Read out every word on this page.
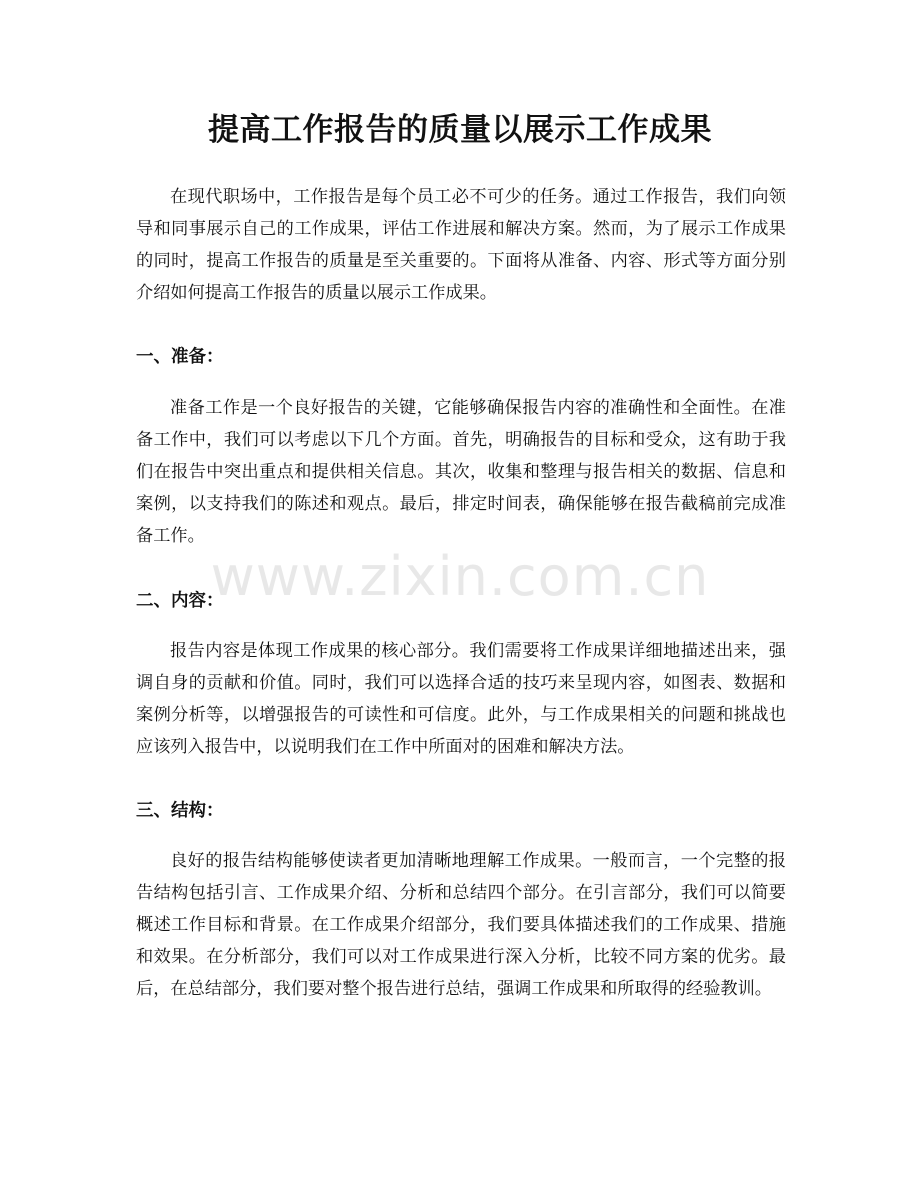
提高工作报告的质量以展示工作成果

在现代职场中，工作报告是每个员工必不可少的任务。通过工作报告，我们向领导和同事展示自己的工作成果，评估工作进展和解决方案。然而，为了展示工作成果的同时，提高工作报告的质量是至关重要的。下面将从准备、内容、形式等方面分别介绍如何提高工作报告的质量以展示工作成果。

一、准备：

准备工作是一个良好报告的关键，它能够确保报告内容的准确性和全面性。在准备工作中，我们可以考虑以下几个方面。首先，明确报告的目标和受众，这有助于我们在报告中突出重点和提供相关信息。其次，收集和整理与报告相关的数据、信息和案例，以支持我们的陈述和观点。最后，排定时间表，确保能够在报告截稿前完成准备工作。

二、内容：

报告内容是体现工作成果的核心部分。我们需要将工作成果详细地描述出来，强调自身的贡献和价值。同时，我们可以选择合适的技巧来呈现内容，如图表、数据和案例分析等，以增强报告的可读性和可信度。此外，与工作成果相关的问题和挑战也应该列入报告中，以说明我们在工作中所面对的困难和解决方法。

三、结构：

良好的报告结构能够使读者更加清晰地理解工作成果。一般而言，一个完整的报告结构包括引言、工作成果介绍、分析和总结四个部分。在引言部分，我们可以简要概述工作目标和背景。在工作成果介绍部分，我们要具体描述我们的工作成果、措施和效果。在分析部分，我们可以对工作成果进行深入分析，比较不同方案的优劣。最后，在总结部分，我们要对整个报告进行总结，强调工作成果和所取得的经验教训。

www.zixin.com.cn
